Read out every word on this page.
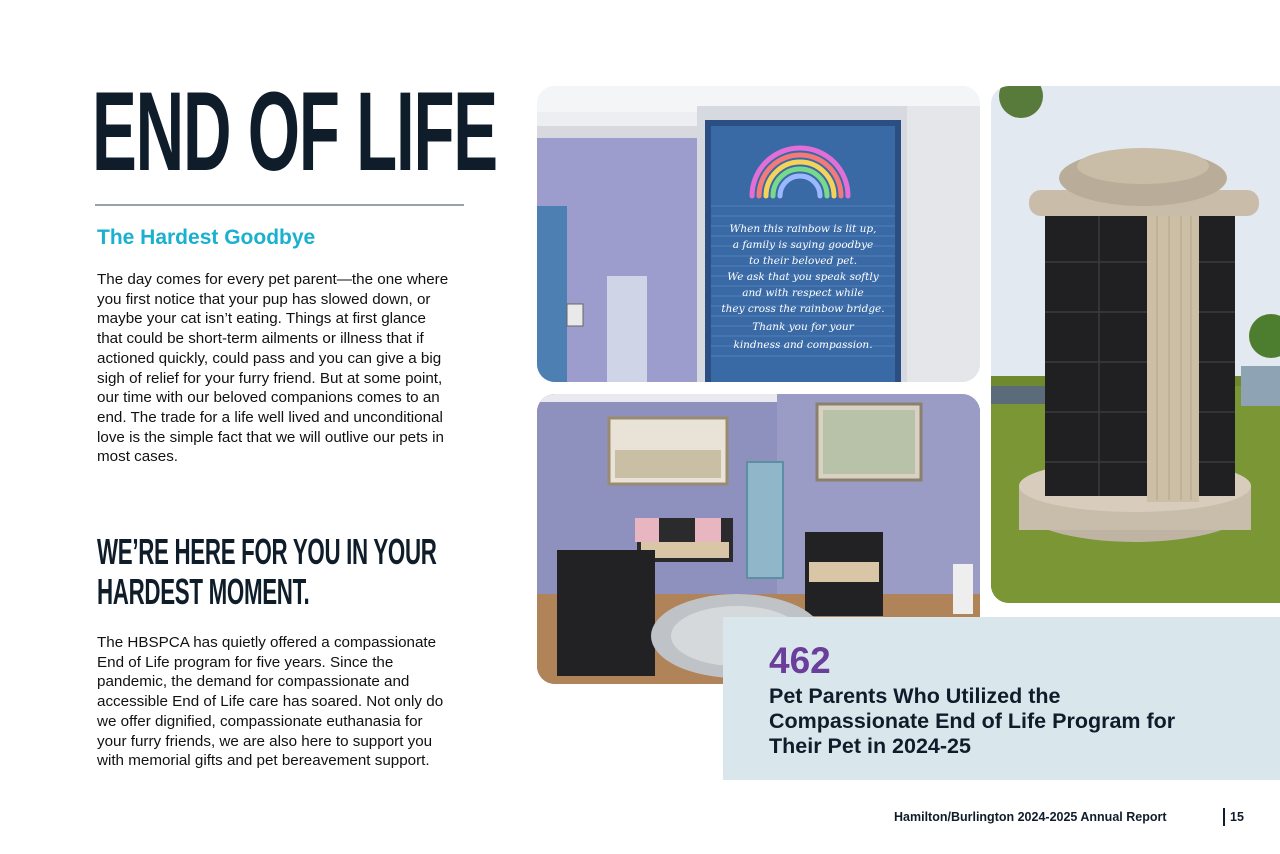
END OF LIFE
The Hardest Goodbye

The day comes for every pet parent—the one where you first notice that your pup has slowed down, or maybe your cat isn’t eating. Things at first glance that could be short-term ailments or illness that if actioned quickly, could pass and you can give a big sigh of relief for your furry friend. But at some point, our time with our beloved companions comes to an end. The trade for a life well lived and unconditional love is the simple fact that we will outlive our pets in most cases.

WE’RE HERE FOR YOU IN YOUR HARDEST MOMENT.

The HBSPCA has quietly offered a compassionate End of Life program for five years. Since the pandemic, the demand for compassionate and accessible End of Life care has soared. Not only do we offer dignified, compassionate euthanasia for your furry friends, we are also here to support you with memorial gifts and pet bereavement support.

When this rainbow is lit up,
a family is saying goodbye
to their beloved pet.
We ask that you speak softly
and with respect while
they cross the rainbow bridge.
Thank you for your
kindness and compassion.
462
Pet Parents Who Utilized the Compassionate End of Life Program for Their Pet in 2024-25
Hamilton/Burlington 2024-2025 Annual Report	15
